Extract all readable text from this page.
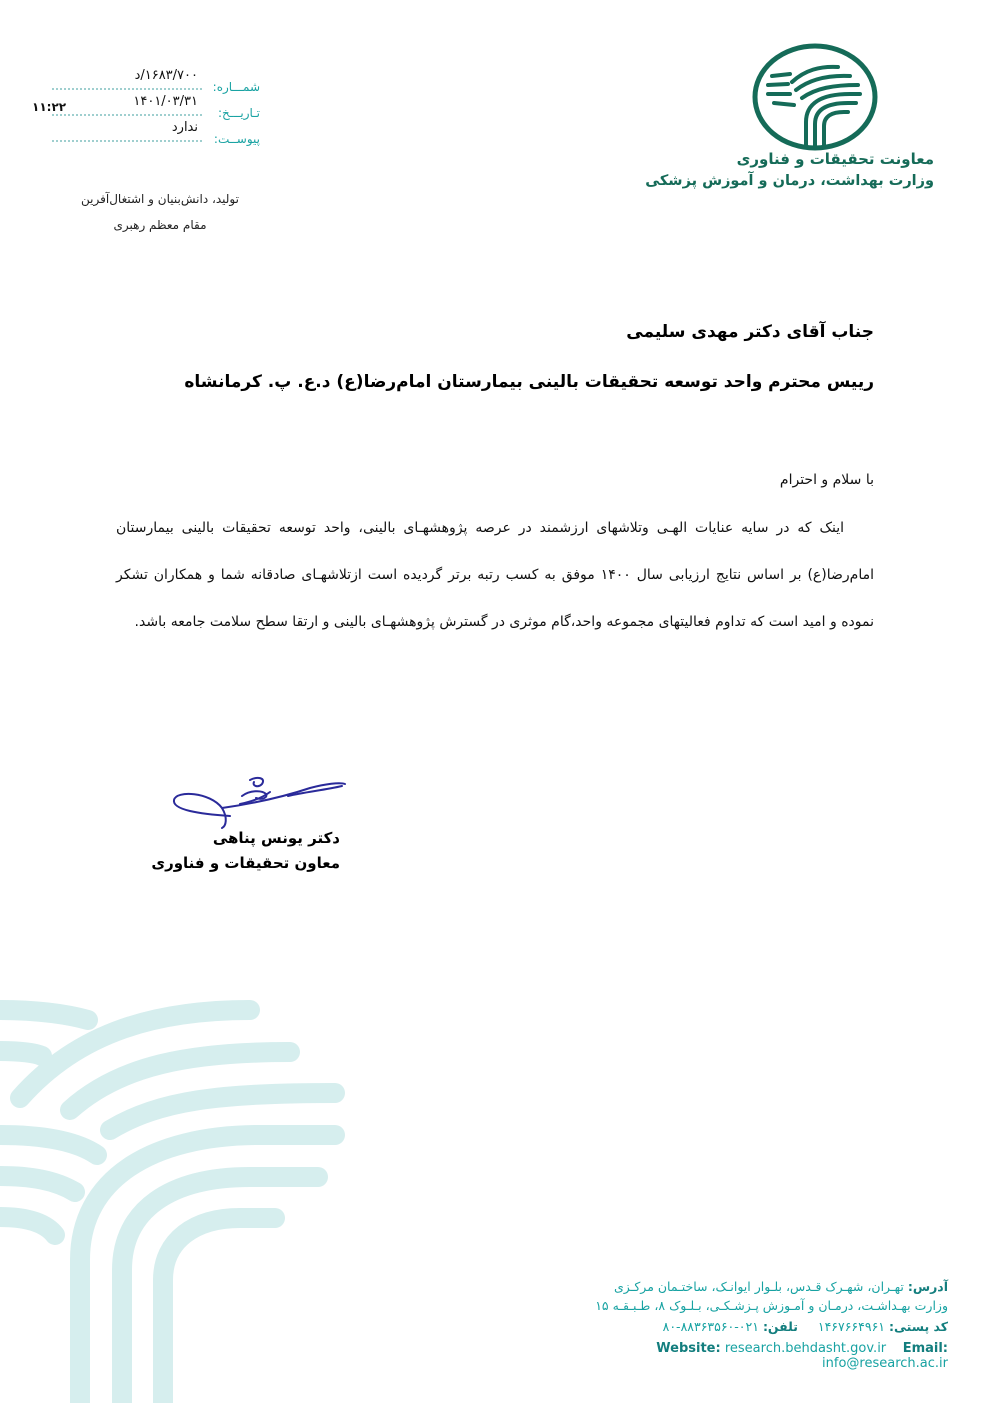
شمـــاره:
۱۶۸۳/۷۰۰/د
تـاریـــخ:
۱۴۰۱/۰۳/۳۱
۱۱:۲۲
پیوســت:
ندارد
تولید، دانش‌بنیان و اشتغال‌آفرین
مقام معظم رهبری
معاونت تحقیقات و فناوری
وزارت بهداشت، درمان و آموزش پزشکی
جناب آقای دکتر مهدی سلیمی
رییس محترم واحد توسعه تحقیقات بالینی بیمارستان امام‌رضا(ع) د.ع. پ. کرمانشاه
با سلام و احترام
اینک که در سایه عنایات الهـی وتلاشهای ارزشمند در عرصه پژوهشهـای بالینی، واحد توسعه تحقیقات بالینی بیمارستان امام‌رضا(ع) بر اساس نتایج ارزیابی سال ۱۴۰۰ موفق به کسب رتبه برتر گردیده است ازتلاشهـای صادقانه شما و همکاران تشکر نموده و امید است که تداوم فعالیتهای مجموعه واحد،گام موثری در گسترش پژوهشهـای بالینی و ارتقا سطح سلامت جامعه باشد.
دکتر یونس پناهی
معاون تحقیقات و فناوری
آدرس: تهـران، شهـرک قـدس، بلـوار ایوانـک، ساختـمان مرکـزی
وزارت بهـداشـت، درمـان و آمـوزش پـزشـکـی، بـلـوک ۸، طـبـقـه ۱۵
کد پستی: ۱۴۶۷۶۶۴۹۶۱     تلفن: ۰۲۱-۸۸۳۶۳۵۶۰-۸۰
Website: research.behdasht.gov.ir Email: info@research.ac.ir
